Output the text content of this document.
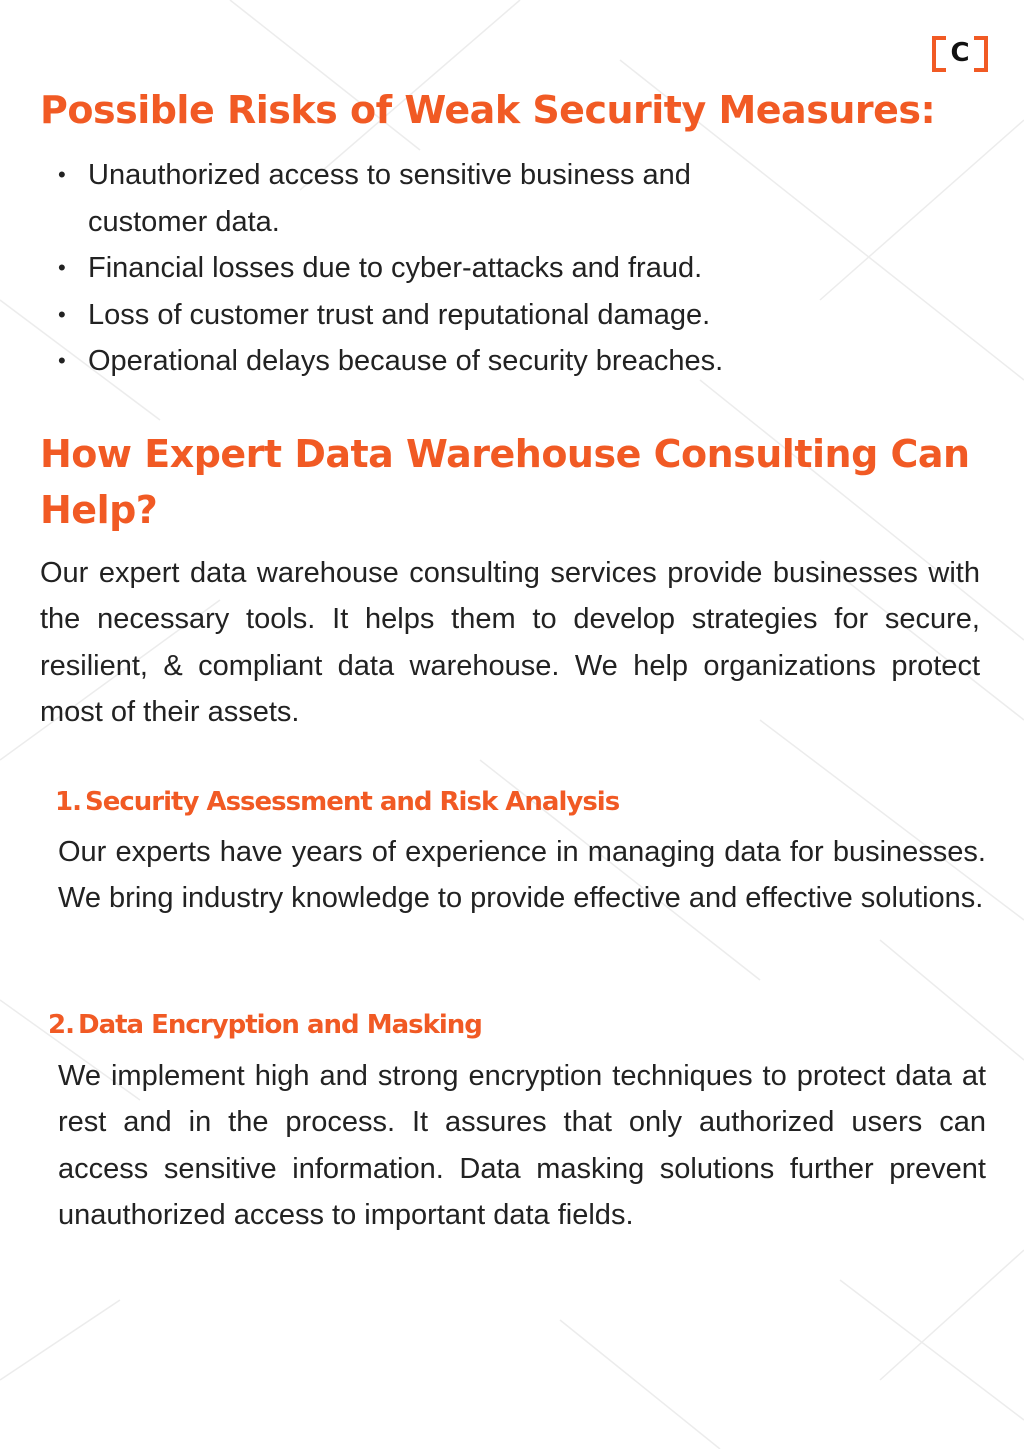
C
Possible Risks of Weak Security Measures:
• Unauthorized access to sensitive business and customer data.
• Financial losses due to cyber-attacks and fraud.
• Loss of customer trust and reputational damage.
• Operational delays because of security breaches.
How Expert Data Warehouse Consulting Can Help?

Our expert data warehouse consulting services provide businesses with the necessary tools. It helps them to develop strategies for secure, resilient, & compliant data warehouse. We help organizations protect most of their assets.

1. Security Assessment and Risk Analysis

Our experts have years of experience in managing data for businesses. We bring industry knowledge to provide effective and effective solutions.

2. Data Encryption and Masking

We implement high and strong encryption techniques to protect data at rest and in the process. It assures that only authorized users can access sensitive information. Data masking solutions further prevent unauthorized access to important data fields.
